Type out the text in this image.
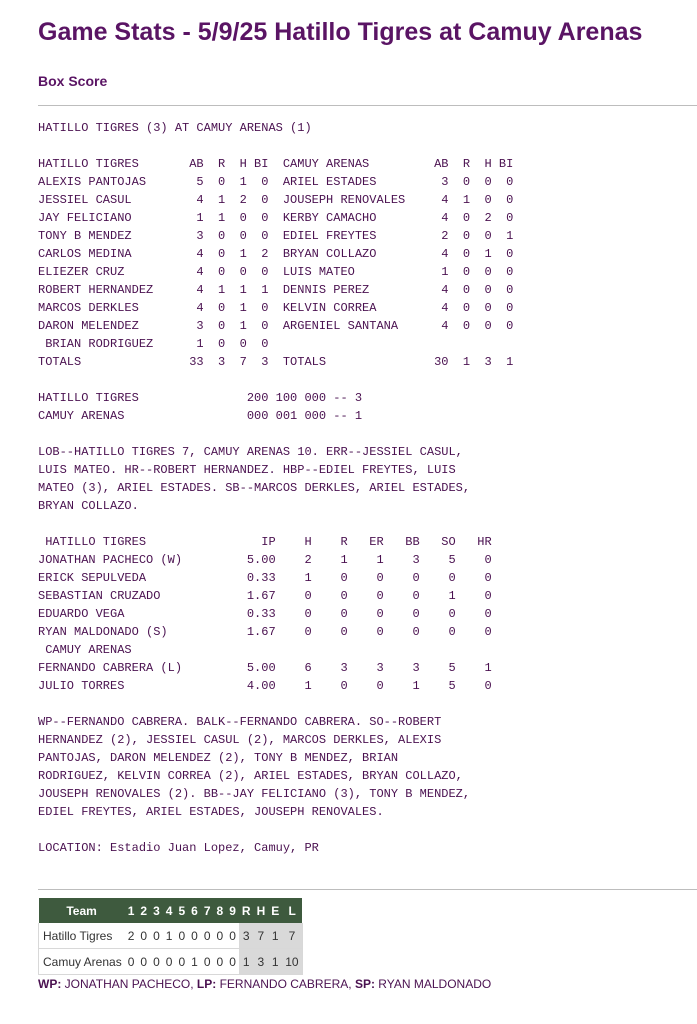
Game Stats - 5/9/25 Hatillo Tigres at Camuy Arenas
Box Score
HATILLO TIGRES (3) AT CAMUY ARENAS (1)
HATILLO TIGRES       AB  R  H BI  CAMUY ARENAS         AB  R  H BI
ALEXIS PANTOJAS       5  0  1  0  ARIEL ESTADES         3  0  0  0
JESSIEL CASUL         4  1  2  0  JOUSEPH RENOVALES     4  1  0  0
JAY FELICIANO         1  1  0  0  KERBY CAMACHO         4  0  2  0
TONY B MENDEZ         3  0  0  0  EDIEL FREYTES         2  0  0  1
CARLOS MEDINA         4  0  1  2  BRYAN COLLAZO         4  0  1  0
ELIEZER CRUZ          4  0  0  0  LUIS MATEO            1  0  0  0
ROBERT HERNANDEZ      4  1  1  1  DENNIS PEREZ          4  0  0  0
MARCOS DERKLES        4  0  1  0  KELVIN CORREA         4  0  0  0
DARON MELENDEZ        3  0  1  0  ARGENIEL SANTANA      4  0  0  0
BRIAN RODRIGUEZ      1  0  0  0
TOTALS               33  3  7  3  TOTALS               30  1  3  1
HATILLO TIGRES               200 100 000 -- 3
CAMUY ARENAS                 000 001 000 -- 1
LOB--HATILLO TIGRES 7, CAMUY ARENAS 10. ERR--JESSIEL CASUL,
LUIS MATEO. HR--ROBERT HERNANDEZ. HBP--EDIEL FREYTES, LUIS
MATEO (3), ARIEL ESTADES. SB--MARCOS DERKLES, ARIEL ESTADES,
BRYAN COLLAZO.
HATILLO TIGRES                IP    H    R   ER   BB   SO   HR
JONATHAN PACHECO (W)         5.00    2    1    1    3    5    0
ERICK SEPULVEDA              0.33    1    0    0    0    0    0
SEBASTIAN CRUZADO            1.67    0    0    0    0    1    0
EDUARDO VEGA                 0.33    0    0    0    0    0    0
RYAN MALDONADO (S)           1.67    0    0    0    0    0    0
CAMUY ARENAS
FERNANDO CABRERA (L)         5.00    6    3    3    3    5    1
JULIO TORRES                 4.00    1    0    0    1    5    0
WP--FERNANDO CABRERA. BALK--FERNANDO CABRERA. SO--ROBERT
HERNANDEZ (2), JESSIEL CASUL (2), MARCOS DERKLES, ALEXIS
PANTOJAS, DARON MELENDEZ (2), TONY B MENDEZ, BRIAN
RODRIGUEZ, KELVIN CORREA (2), ARIEL ESTADES, BRYAN COLLAZO,
JOUSEPH RENOVALES (2). BB--JAY FELICIANO (3), TONY B MENDEZ,
EDIEL FREYTES, ARIEL ESTADES, JOUSEPH RENOVALES.
LOCATION: Estadio Juan Lopez, Camuy, PR
Team	1	2	3	4	5	6	7	8	9	R	H	E	L
Hatillo Tigres	2	0	0	1	0	0	0	0	0	3	7	1	7
Camuy Arenas	0	0	0	0	0	1	0	0	0	1	3	1	10

WP: JONATHAN PACHECO, LP: FERNANDO CABRERA, SP: RYAN MALDONADO
